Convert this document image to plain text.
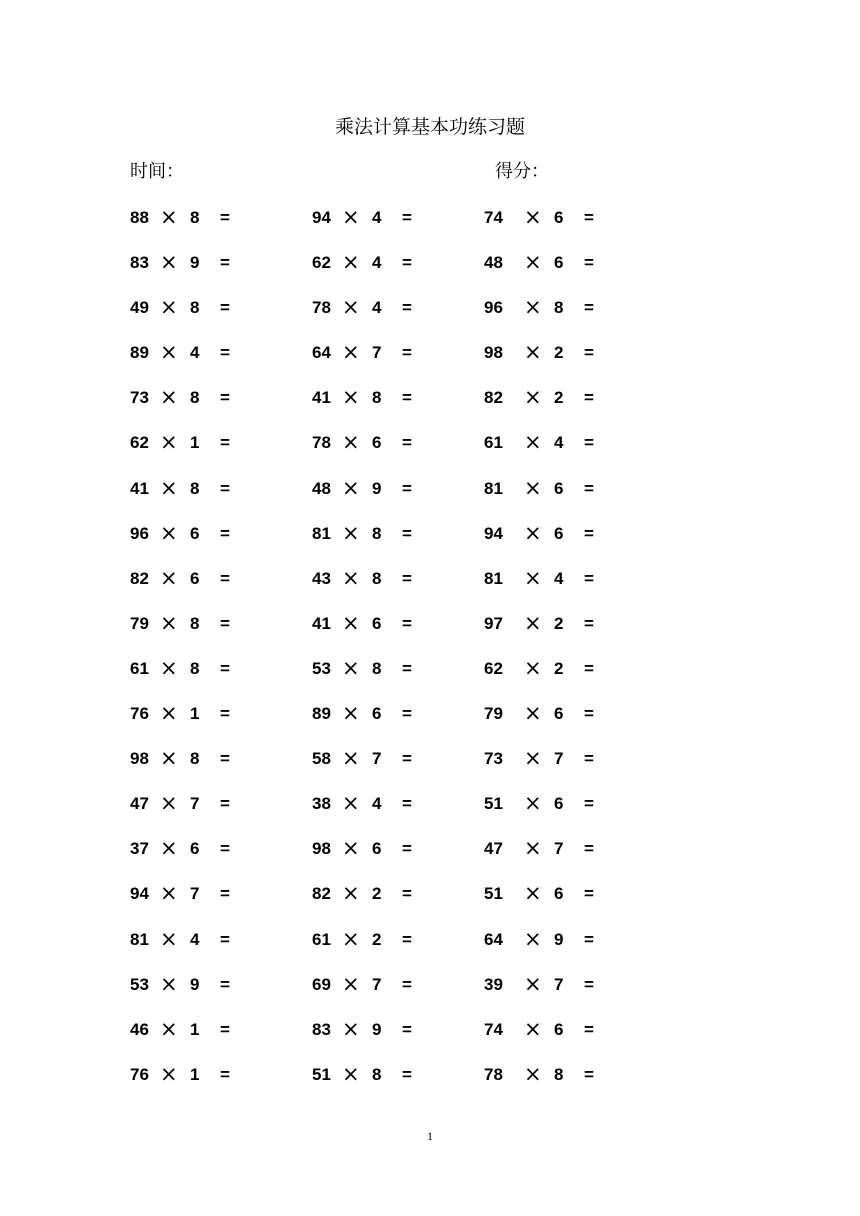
乘法计算基本功练习题
时间：	得分：
88 × 8 =	94 × 4 =	74 × 6 =
83 × 9 =	62 × 4 =	48 × 6 =
49 × 8 =	78 × 4 =	96 × 8 =
89 × 4 =	64 × 7 =	98 × 2 =
73 × 8 =	41 × 8 =	82 × 2 =
62 × 1 =	78 × 6 =	61 × 4 =
41 × 8 =	48 × 9 =	81 × 6 =
96 × 6 =	81 × 8 =	94 × 6 =
82 × 6 =	43 × 8 =	81 × 4 =
79 × 8 =	41 × 6 =	97 × 2 =
61 × 8 =	53 × 8 =	62 × 2 =
76 × 1 =	89 × 6 =	79 × 6 =
98 × 8 =	58 × 7 =	73 × 7 =
47 × 7 =	38 × 4 =	51 × 6 =
37 × 6 =	98 × 6 =	47 × 7 =
94 × 7 =	82 × 2 =	51 × 6 =
81 × 4 =	61 × 2 =	64 × 9 =
53 × 9 =	69 × 7 =	39 × 7 =
46 × 1 =	83 × 9 =	74 × 6 =
76 × 1 =	51 × 8 =	78 × 8 =
1
